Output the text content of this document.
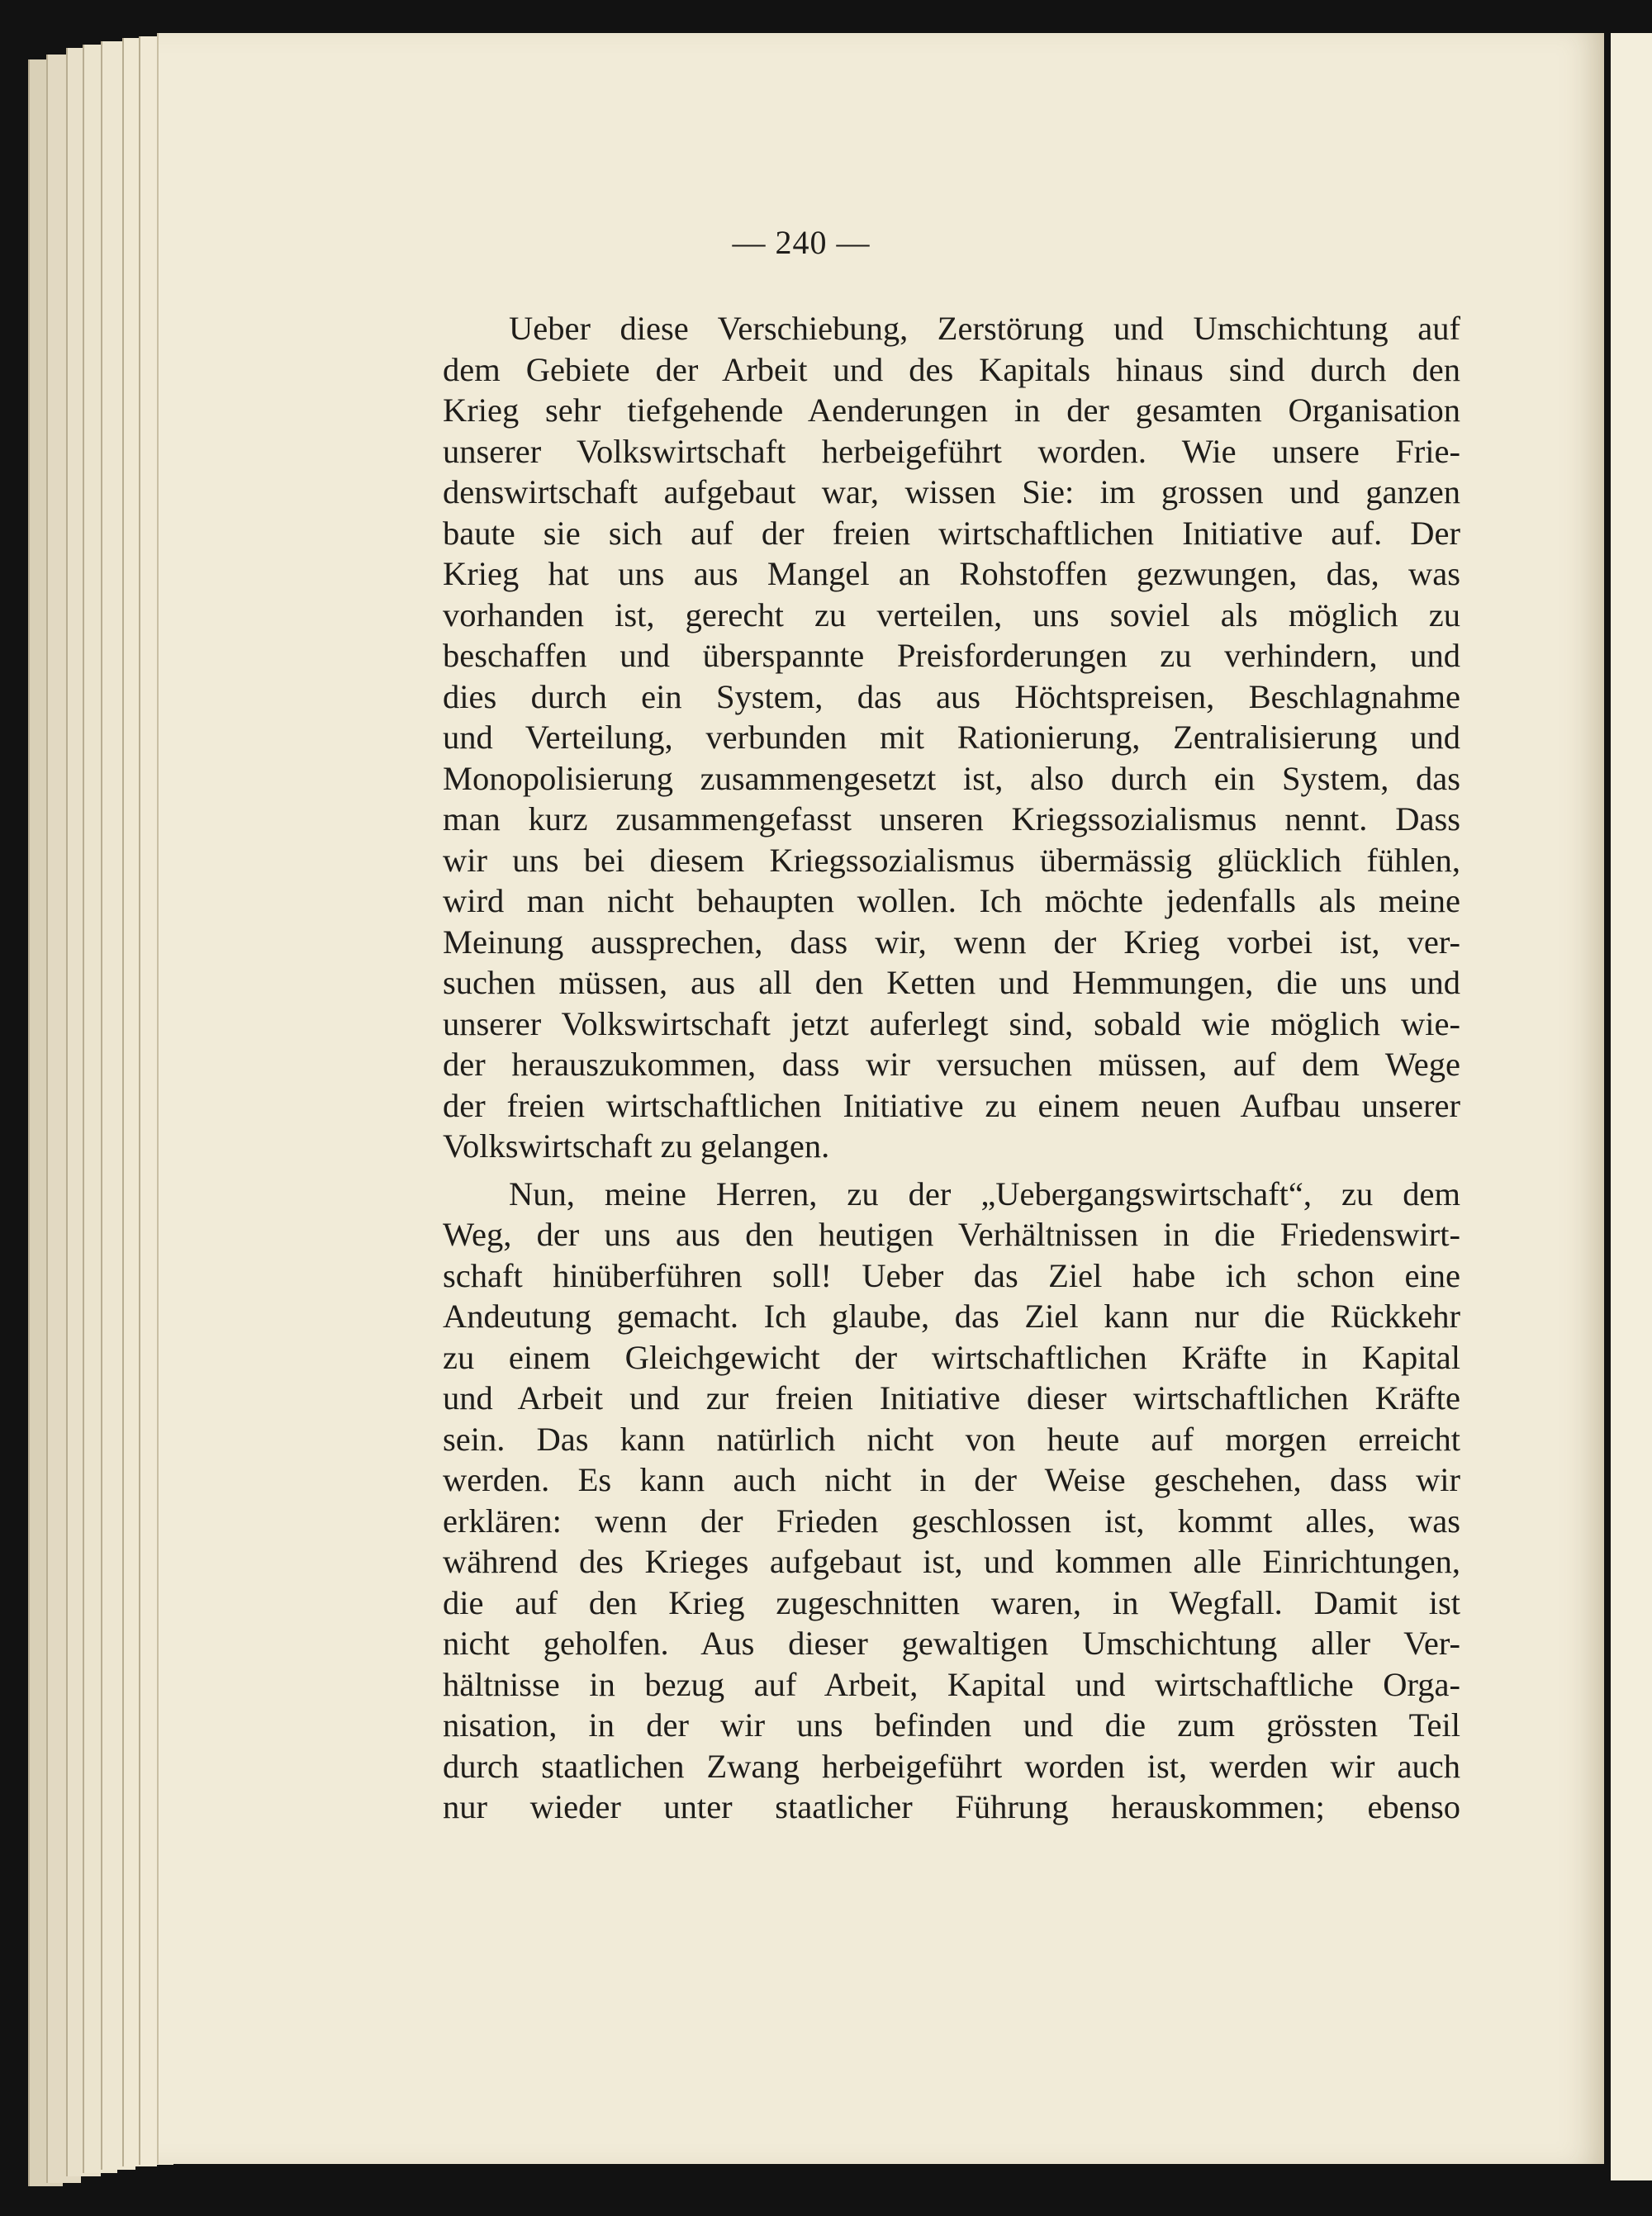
— 240 —
Ueber diese Verschiebung, Zerstörung und Umschichtung auf
dem Gebiete der Arbeit und des Kapitals hinaus sind durch den
Krieg sehr tiefgehende Aenderungen in der gesamten Organisation
unserer Volkswirtschaft herbeigeführt worden. Wie unsere Frie-
denswirtschaft aufgebaut war, wissen Sie: im grossen und ganzen
baute sie sich auf der freien wirtschaftlichen Initiative auf. Der
Krieg hat uns aus Mangel an Rohstoffen gezwungen, das, was
vorhanden ist, gerecht zu verteilen, uns soviel als möglich zu
beschaffen und überspannte Preisforderungen zu verhindern, und
dies durch ein System, das aus Höchtspreisen, Beschlagnahme
und Verteilung, verbunden mit Rationierung, Zentralisierung und
Monopolisierung zusammengesetzt ist, also durch ein System, das
man kurz zusammengefasst unseren Kriegssozialismus nennt. Dass
wir uns bei diesem Kriegssozialismus übermässig glücklich fühlen,
wird man nicht behaupten wollen. Ich möchte jedenfalls als meine
Meinung aussprechen, dass wir, wenn der Krieg vorbei ist, ver-
suchen müssen, aus all den Ketten und Hemmungen, die uns und
unserer Volkswirtschaft jetzt auferlegt sind, sobald wie möglich wie-
der herauszukommen, dass wir versuchen müssen, auf dem Wege
der freien wirtschaftlichen Initiative zu einem neuen Aufbau unserer
Volkswirtschaft zu gelangen.
Nun, meine Herren, zu der „Uebergangswirtschaft“, zu dem
Weg, der uns aus den heutigen Verhältnissen in die Friedenswirt-
schaft hinüberführen soll! Ueber das Ziel habe ich schon eine
Andeutung gemacht. Ich glaube, das Ziel kann nur die Rückkehr
zu einem Gleichgewicht der wirtschaftlichen Kräfte in Kapital
und Arbeit und zur freien Initiative dieser wirtschaftlichen Kräfte
sein. Das kann natürlich nicht von heute auf morgen erreicht
werden. Es kann auch nicht in der Weise geschehen, dass wir
erklären: wenn der Frieden geschlossen ist, kommt alles, was
während des Krieges aufgebaut ist, und kommen alle Einrichtungen,
die auf den Krieg zugeschnitten waren, in Wegfall. Damit ist
nicht geholfen. Aus dieser gewaltigen Umschichtung aller Ver-
hältnisse in bezug auf Arbeit, Kapital und wirtschaftliche Orga-
nisation, in der wir uns befinden und die zum grössten Teil
durch staatlichen Zwang herbeigeführt worden ist, werden wir auch
nur wieder unter staatlicher Führung herauskommen; ebenso
